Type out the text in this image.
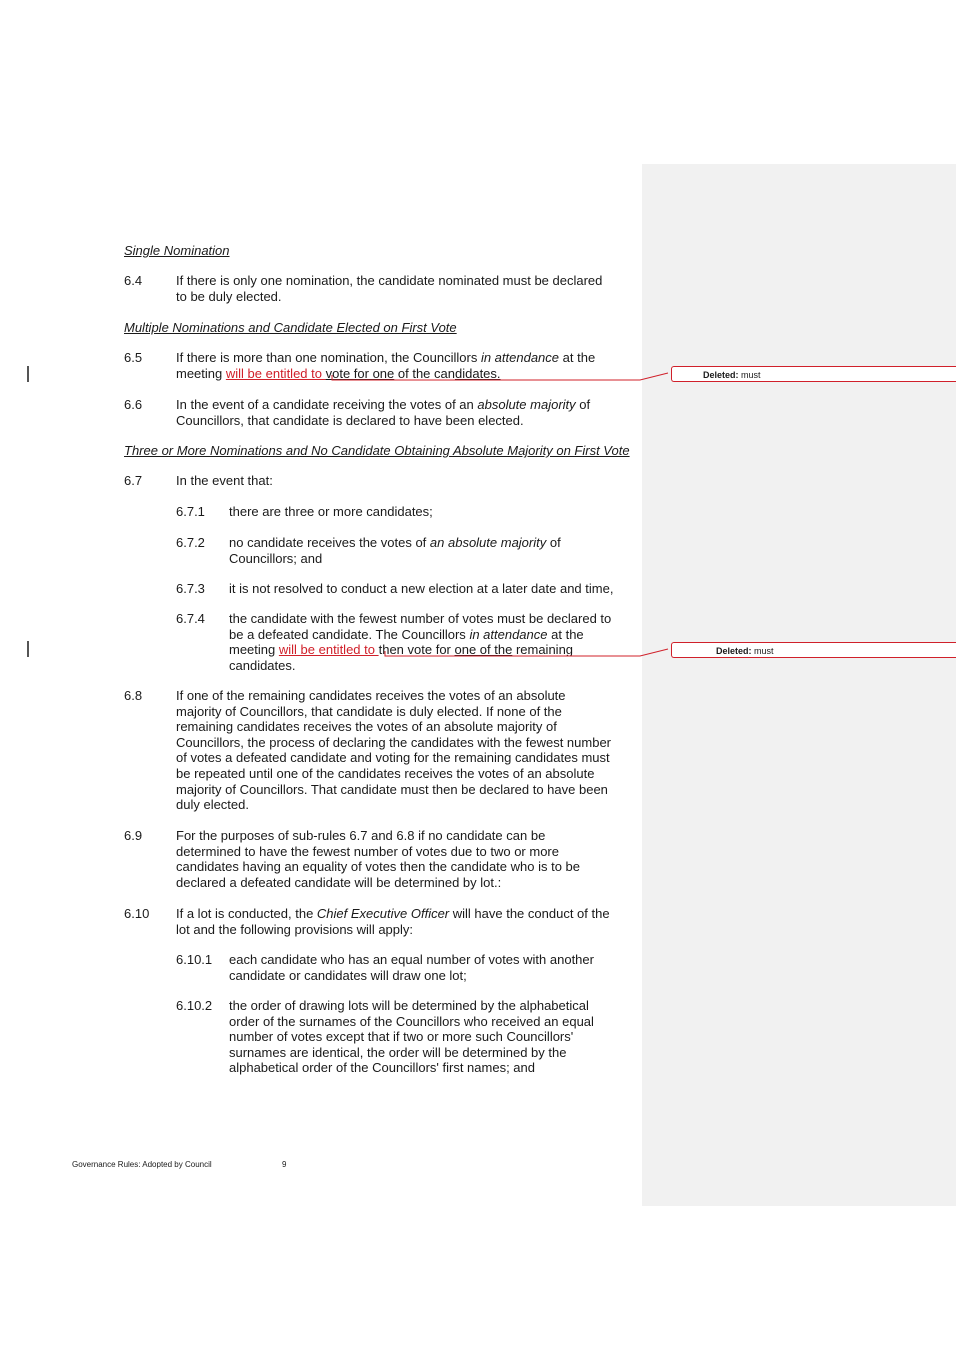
Single Nomination
6.4	If there is only one nomination, the candidate nominated must be declared
to be duly elected.
Multiple Nominations and Candidate Elected on First Vote
6.5	If there is more than one nomination, the Councillors in attendance at the
meeting will be entitled to vote for one of the candidates.
6.6	In the event of a candidate receiving the votes of an absolute majority of
Councillors, that candidate is declared to have been elected.
Three or More Nominations and No Candidate Obtaining Absolute Majority on First Vote
6.7	In the event that:
6.7.1 there are three or more candidates;
6.7.2 no candidate receives the votes of an absolute majority of
Councillors; and
6.7.3 it is not resolved to conduct a new election at a later date and time,
6.7.4 the candidate with the fewest number of votes must be declared to
be a defeated candidate. The Councillors in attendance at the
meeting will be entitled to then vote for one of the remaining
candidates.
6.8	If one of the remaining candidates receives the votes of an absolute
majority of Councillors, that candidate is duly elected. If none of the
remaining candidates receives the votes of an absolute majority of
Councillors, the process of declaring the candidates with the fewest number
of votes a defeated candidate and voting for the remaining candidates must
be repeated until one of the candidates receives the votes of an absolute
majority of Councillors. That candidate must then be declared to have been
duly elected.
6.9	For the purposes of sub-rules 6.7 and 6.8 if no candidate can be
determined to have the fewest number of votes due to two or more
candidates having an equality of votes then the candidate who is to be
declared a defeated candidate will be determined by lot.:
6.10 If a lot is conducted, the Chief Executive Officer will have the conduct of the
lot and the following provisions will apply:
6.10.1 each candidate who has an equal number of votes with another
candidate or candidates will draw one lot;
6.10.2 the order of drawing lots will be determined by the alphabetical
order of the surnames of the Councillors who received an equal
number of votes except that if two or more such Councillors'
surnames are identical, the order will be determined by the
alphabetical order of the Councillors' first names; and
Deleted: must
Deleted: must
Governance Rules: Adopted by Council	9
